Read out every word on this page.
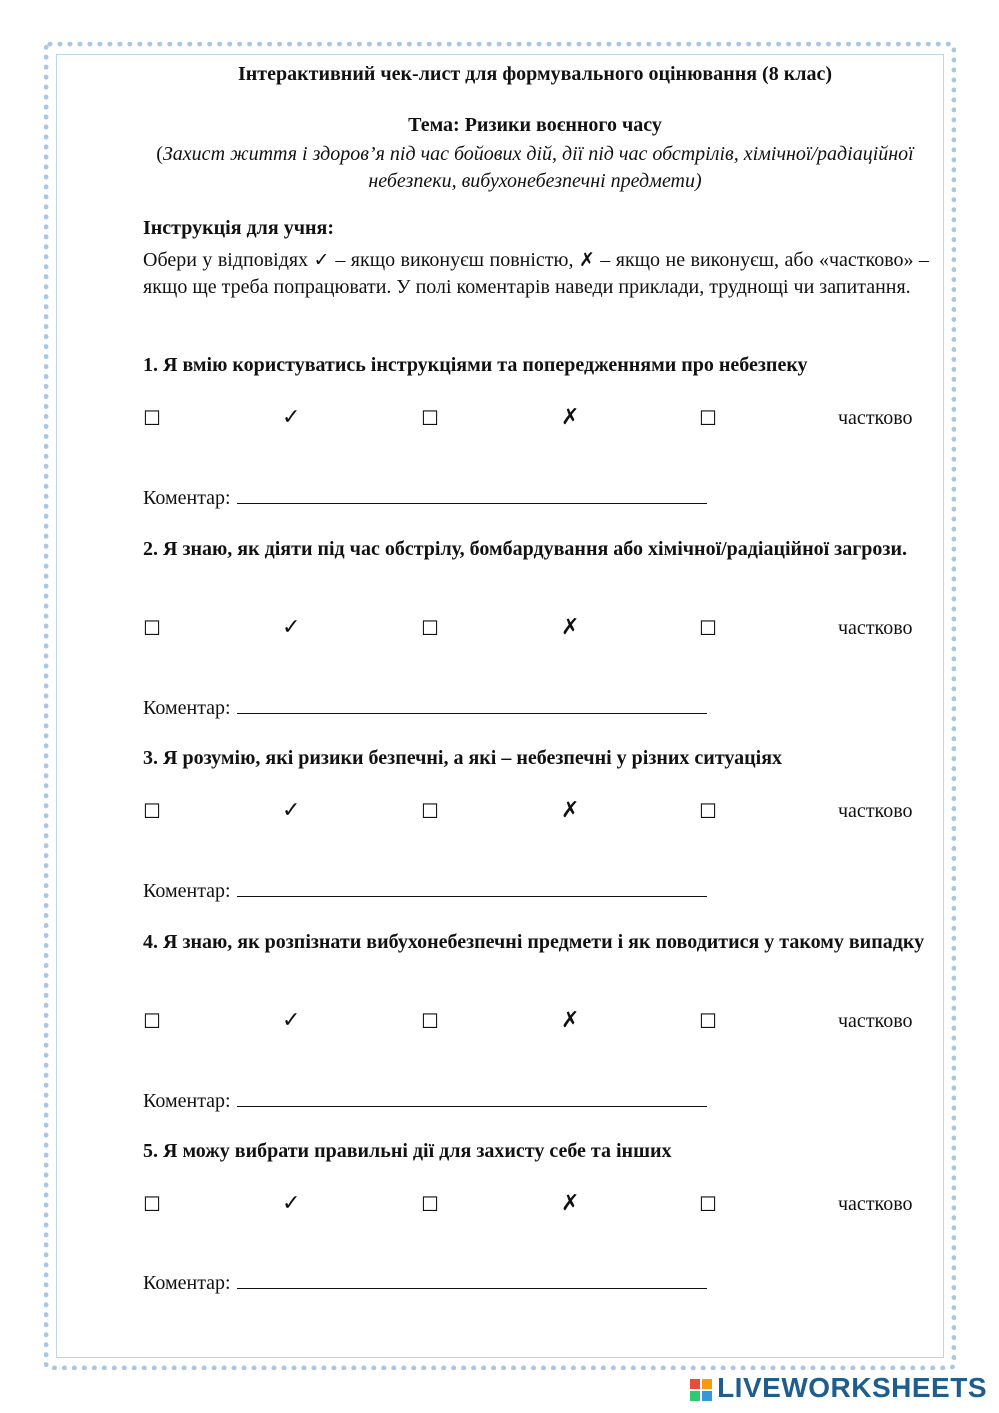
Інтерактивний чек-лист для формувального оцінювання (8 клас)
Тема: Ризики воєнного часу
(Захист життя і здоров’я під час бойових дій, дії під час обстрілів, хімічної/радіаційної небезпеки, вибухонебезпечні предмети)
Інструкція для учня:
Обери у відповідях ✓ – якщо виконуєш повністю, ✗ – якщо не виконуєш, або «частково» – якщо ще треба попрацювати. У полі коментарів наведи приклади, труднощі чи запитання.
1. Я вмію користуватись інструкціями та попередженнями про небезпеку
☐	✓	☐	✗	☐	частково
Коментар:
2. Я знаю, як діяти під час обстрілу, бомбардування або хімічної/радіаційної загрози.
☐	✓	☐	✗	☐	частково
Коментар:
3. Я розумію, які ризики безпечні, а які – небезпечні у різних ситуаціях
☐	✓	☐	✗	☐	частково
Коментар:
4. Я знаю, як розпізнати вибухонебезпечні предмети і як поводитися у такому випадку
☐	✓	☐	✗	☐	частково
Коментар:
5. Я можу вибрати правильні дії для захисту себе та інших
☐	✓	☐	✗	☐	частково
Коментар:
LIVEWORKSHEETS
